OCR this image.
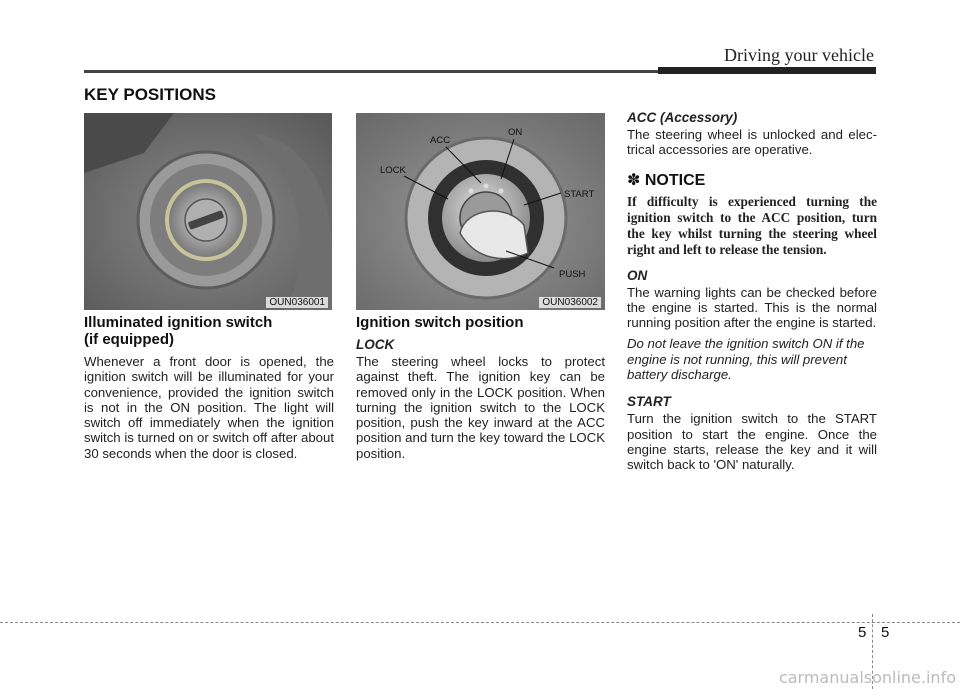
Driving your vehicle
KEY POSITIONS
OUN036001
ACC
ON
LOCK
START
PUSH
OUN036002
Illuminated ignition switch
(if equipped)

Whenever a front door is opened, the ignition switch will be illuminated for your convenience, provided the ignition switch is not in the ON position. The light will switch off immediately when the ignition switch is turned on or switch off after about 30 seconds when the door is closed.

Ignition switch position
LOCK

The steering wheel locks to protect against theft. The ignition key can be removed only in the LOCK position. When turning the ignition switch to the LOCK position, push the key inward at the ACC position and turn the key toward the LOCK position.

ACC (Accessory)

The steering wheel is unlocked and elec-trical accessories are operative.

✽ NOTICE

If difficulty is experienced turning the ignition switch to the ACC position, turn the key whilst turning the steering wheel right and left to release the tension.

ON

The warning lights can be checked before the engine is started. This is the normal running position after the engine is started.

Do not leave the ignition switch ON if the engine is not running, this will prevent battery discharge.

START

Turn the ignition switch to the START position to start the engine. Once the engine starts, release the key and it will switch back to 'ON' naturally.

5 5
carmanualsonline.info
